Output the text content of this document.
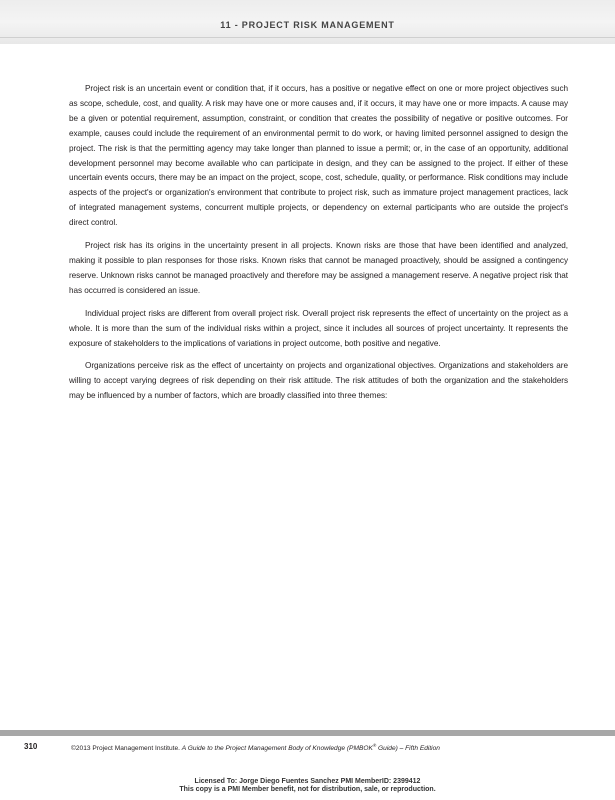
11 - PROJECT RISK MANAGEMENT

Project risk is an uncertain event or condition that, if it occurs, has a positive or negative effect on one or more project objectives such as scope, schedule, cost, and quality. A risk may have one or more causes and, if it occurs, it may have one or more impacts. A cause may be a given or potential requirement, assumption, constraint, or condition that creates the possibility of negative or positive outcomes. For example, causes could include the requirement of an environmental permit to do work, or having limited personnel assigned to design the project. The risk is that the permitting agency may take longer than planned to issue a permit; or, in the case of an opportunity, additional development personnel may become available who can participate in design, and they can be assigned to the project. If either of these uncertain events occurs, there may be an impact on the project, scope, cost, schedule, quality, or performance. Risk conditions may include aspects of the project's or organization's environment that contribute to project risk, such as immature project management practices, lack of integrated management systems, concurrent multiple projects, or dependency on external participants who are outside the project's direct control.

Project risk has its origins in the uncertainty present in all projects. Known risks are those that have been identified and analyzed, making it possible to plan responses for those risks. Known risks that cannot be managed proactively, should be assigned a contingency reserve. Unknown risks cannot be managed proactively and therefore may be assigned a management reserve. A negative project risk that has occurred is considered an issue.

Individual project risks are different from overall project risk. Overall project risk represents the effect of uncertainty on the project as a whole. It is more than the sum of the individual risks within a project, since it includes all sources of project uncertainty. It represents the exposure of stakeholders to the implications of variations in project outcome, both positive and negative.

Organizations perceive risk as the effect of uncertainty on projects and organizational objectives. Organizations and stakeholders are willing to accept varying degrees of risk depending on their risk attitude. The risk attitudes of both the organization and the stakeholders may be influenced by a number of factors, which are broadly classified into three themes:

310	©2013 Project Management Institute. A Guide to the Project Management Body of Knowledge (PMBOK® Guide) – Fifth Edition
Licensed To: Jorge Diego Fuentes Sanchez PMI MemberID: 2399412
This copy is a PMI Member benefit, not for distribution, sale, or reproduction.
